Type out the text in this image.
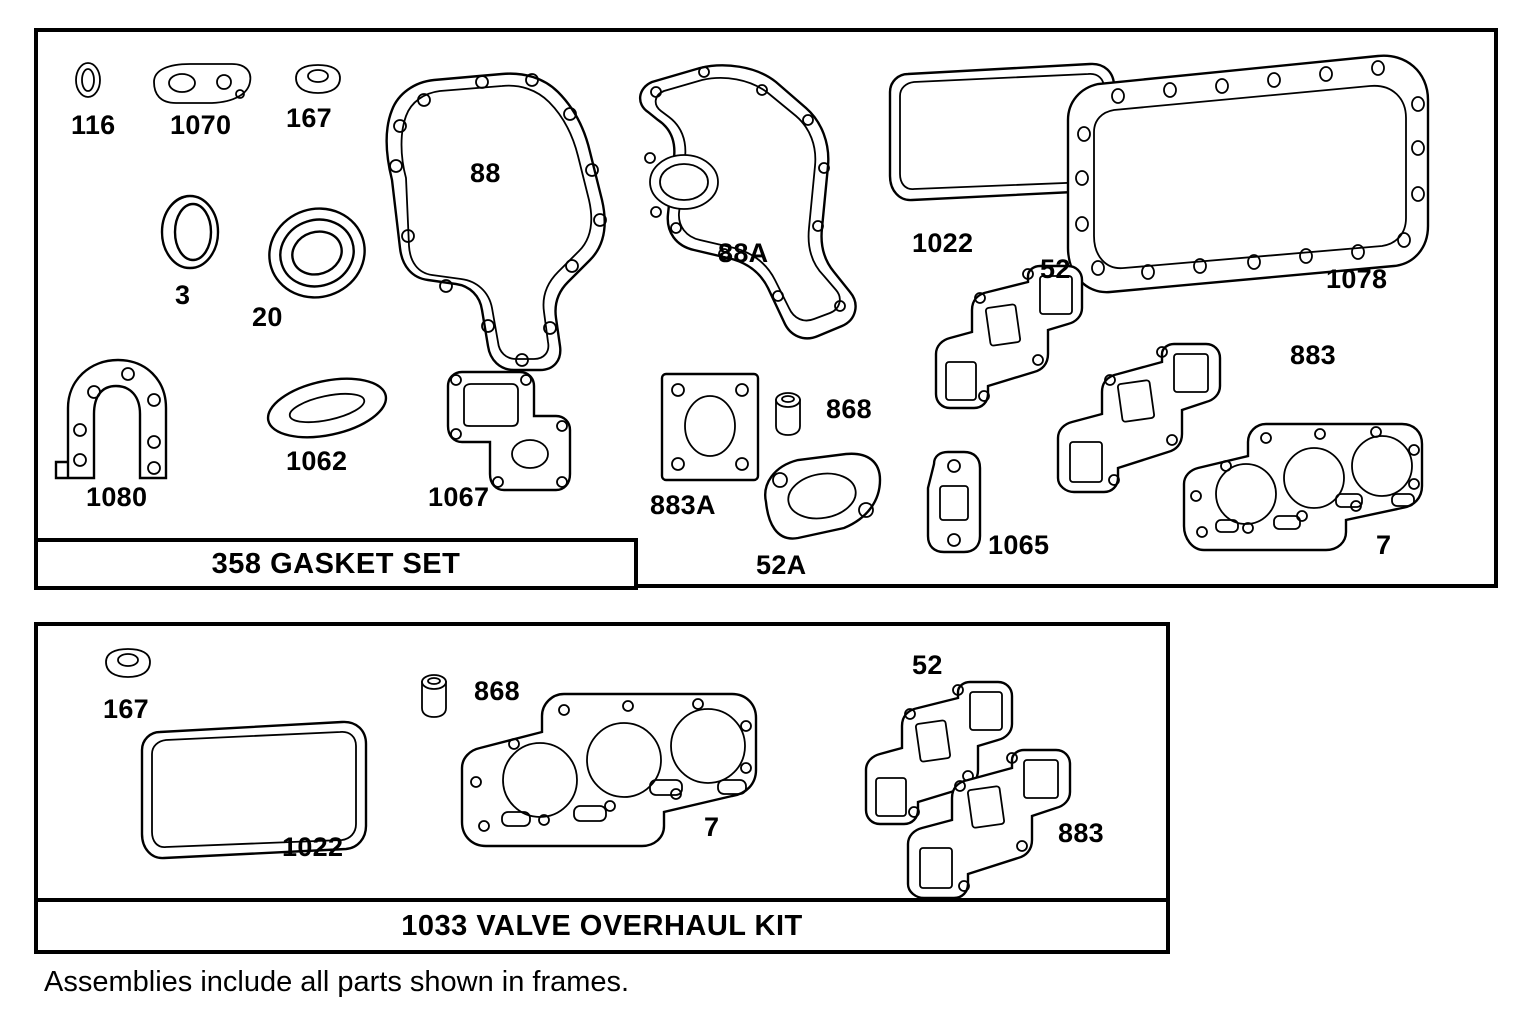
116 1070 167
88
88A	1022
1078
3
20
52
883
1080
1062
1067	883A
868
52A
1065	7
358 GASKET SET
167
868
52
1022
7	883
1033 VALVE OVERHAUL KIT
Assemblies include all parts shown in frames.
